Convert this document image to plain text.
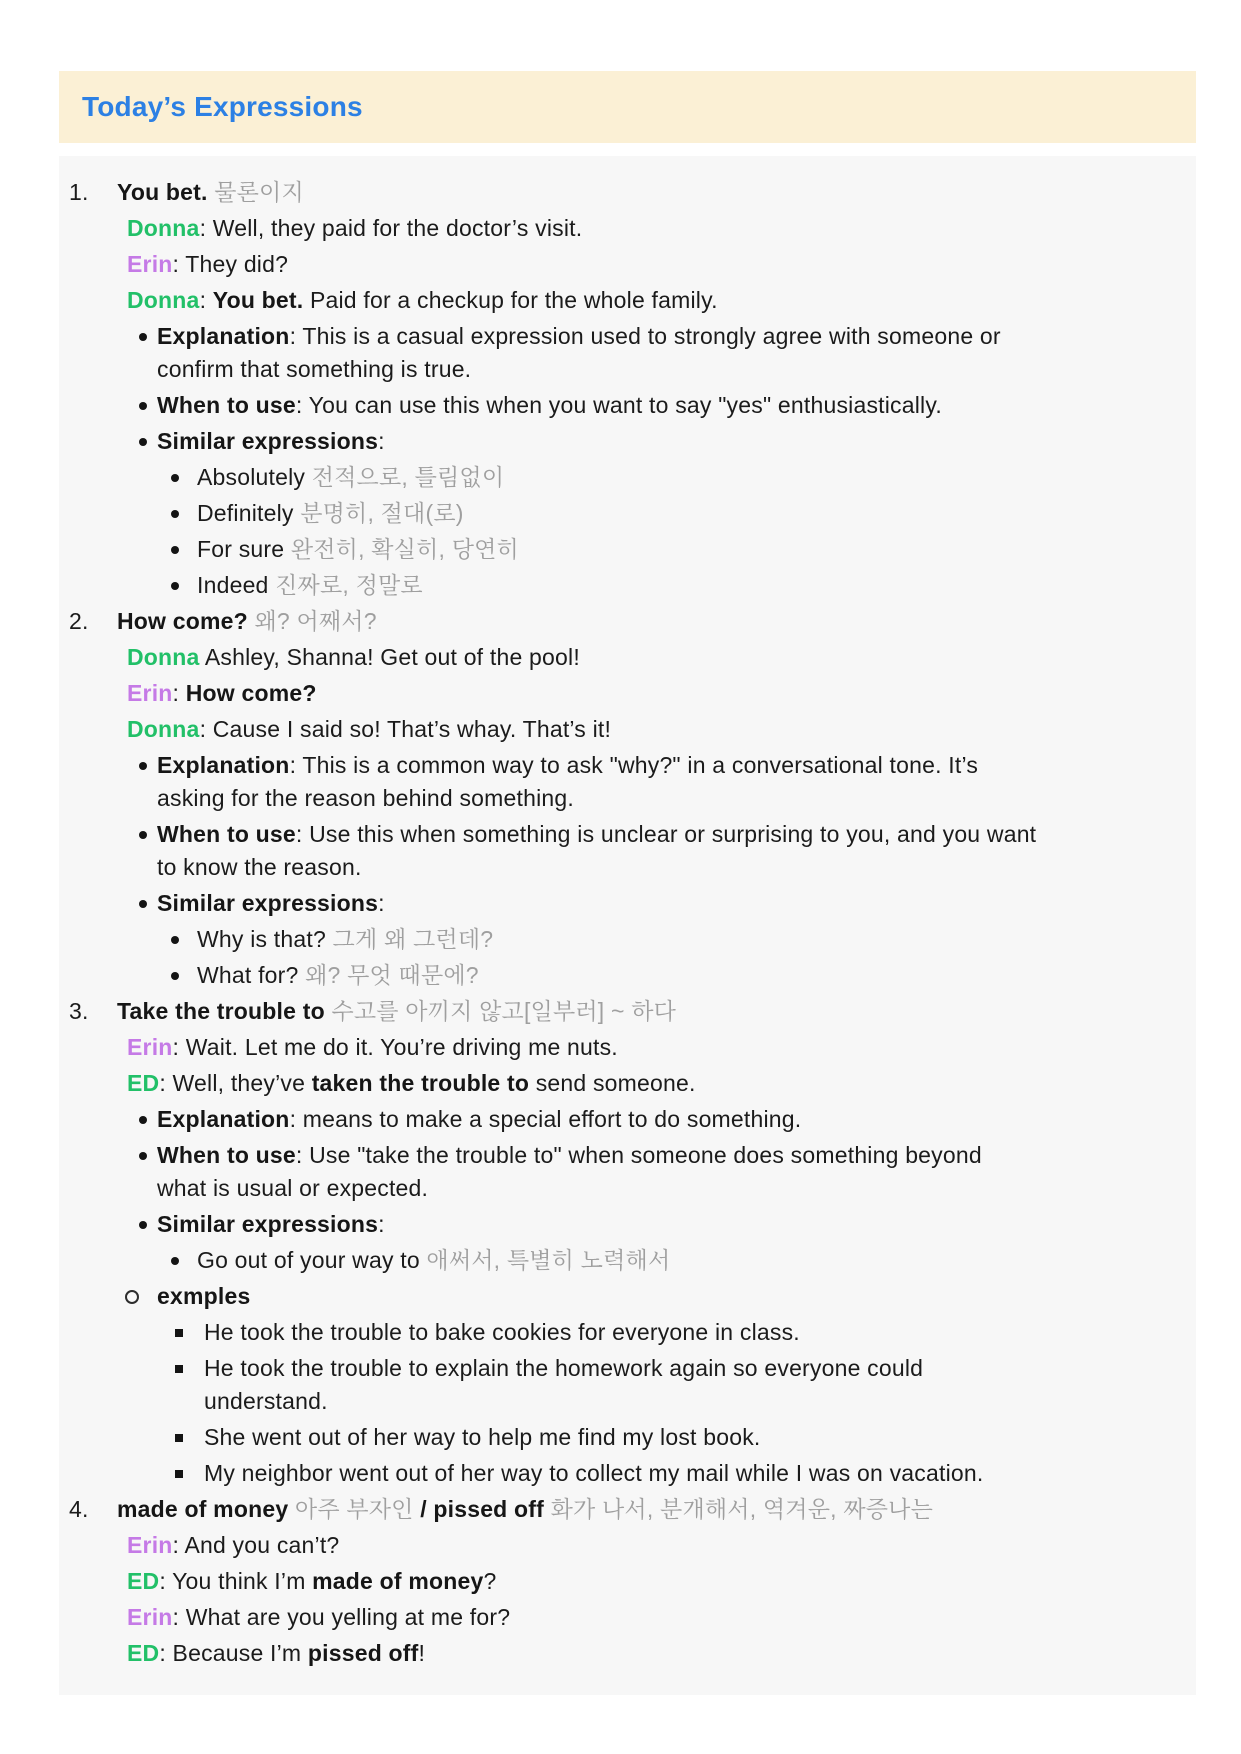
Today’s Expressions
1.	You bet. 물론이지
Donna: Well, they paid for the doctor’s visit.
Erin: They did?
Donna: You bet. Paid for a checkup for the whole family.
Explanation: This is a casual expression used to strongly agree with someone or
confirm that something is true.
When to use: You can use this when you want to say "yes" enthusiastically.
Similar expressions:
Absolutely 전적으로, 틀림없이
Definitely 분명히, 절대(로)
For sure 완전히, 확실히, 당연히
Indeed 진짜로, 정말로
2.	How come? 왜? 어째서?
Donna Ashley, Shanna! Get out of the pool!
Erin: How come?
Donna: Cause I said so! That’s whay. That’s it!
Explanation: This is a common way to ask "why?" in a conversational tone. It’s
asking for the reason behind something.
When to use: Use this when something is unclear or surprising to you, and you want
to know the reason.
Similar expressions:
Why is that? 그게 왜 그런데?
What for? 왜? 무엇 때문에?
3.	Take the trouble to 수고를 아끼지 않고[일부러] ~ 하다
Erin: Wait. Let me do it. You’re driving me nuts.
ED: Well, they’ve taken the trouble to send someone.
Explanation: means to make a special effort to do something.
When to use: Use "take the trouble to" when someone does something beyond
what is usual or expected.
Similar expressions:
Go out of your way to 애써서, 특별히 노력해서
exmples
He took the trouble to bake cookies for everyone in class.
He took the trouble to explain the homework again so everyone could
understand.
She went out of her way to help me find my lost book.
My neighbor went out of her way to collect my mail while I was on vacation.
4.	made of money 아주 부자인 / pissed off 화가 나서, 분개해서, 역겨운, 짜증나는
Erin: And you can’t?
ED: You think I’m made of money?
Erin: What are you yelling at me for?
ED: Because I’m pissed off!
